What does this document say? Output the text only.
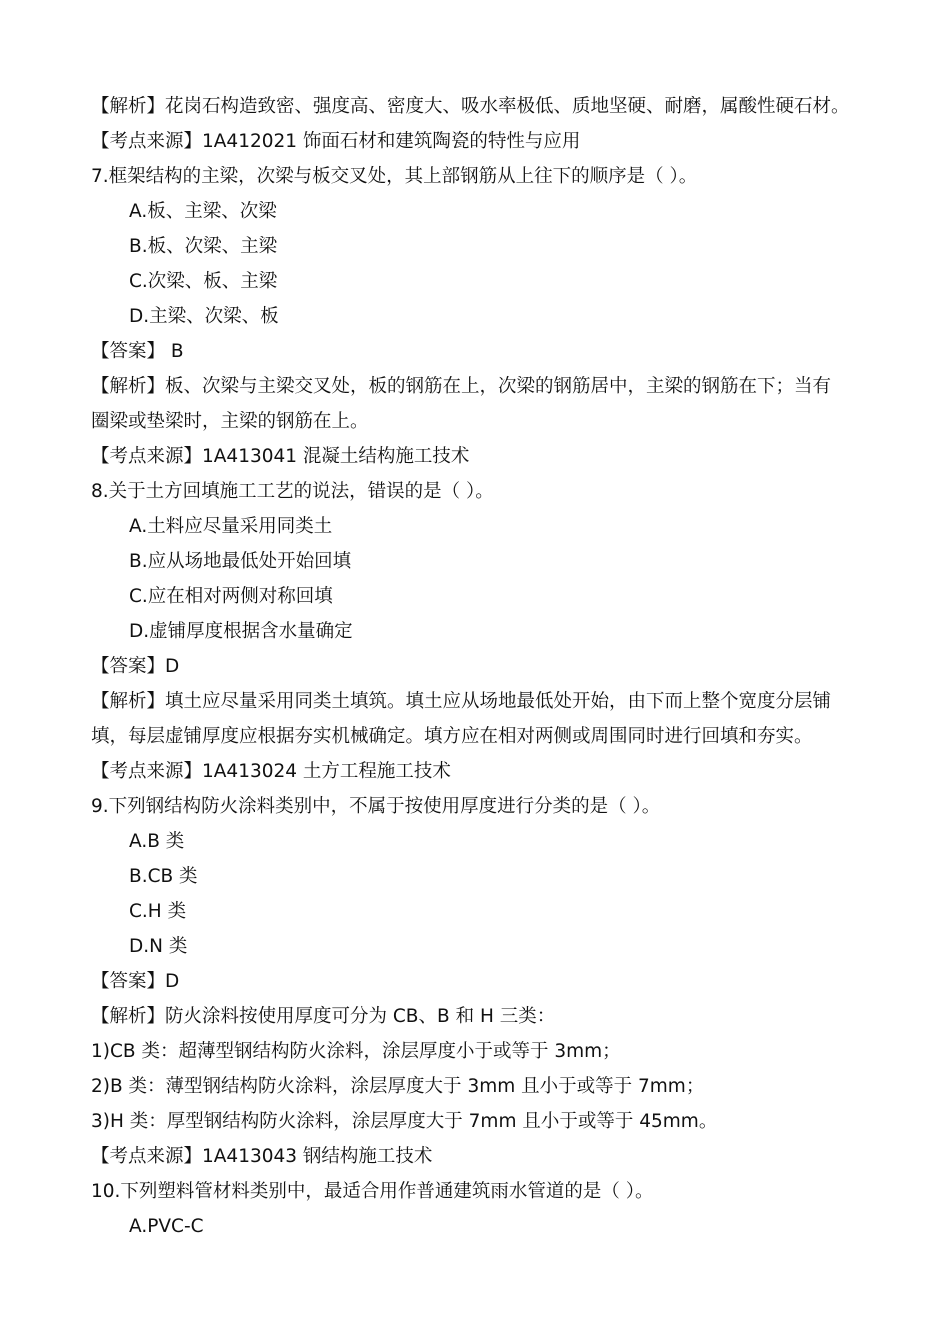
【解析】花岗石构造致密、强度高、密度大、吸水率极低、质地坚硬、耐磨，属酸性硬石材。
【考点来源】1A412021 饰面石材和建筑陶瓷的特性与应用
7.框架结构的主梁，次梁与板交叉处，其上部钢筋从上往下的顺序是（ ）。
A.板、主梁、次梁
B.板、次梁、主梁
C.次梁、板、主梁
D.主梁、次梁、板
【答案】 B
【解析】板、次梁与主梁交叉处，板的钢筋在上，次梁的钢筋居中，主梁的钢筋在下；当有
圈梁或垫梁时，主梁的钢筋在上。
【考点来源】1A413041 混凝土结构施工技术
8.关于土方回填施工工艺的说法，错误的是（ ）。
A.土料应尽量采用同类土
B.应从场地最低处开始回填
C.应在相对两侧对称回填
D.虚铺厚度根据含水量确定
【答案】D
【解析】填土应尽量采用同类土填筑。填土应从场地最低处开始，由下而上整个宽度分层铺
填，每层虚铺厚度应根据夯实机械确定。填方应在相对两侧或周围同时进行回填和夯实。
【考点来源】1A413024 土方工程施工技术
9.下列钢结构防火涂料类别中，不属于按使用厚度进行分类的是（ ）。
A.B 类
B.CB 类
C.H 类
D.N 类
【答案】D
【解析】防火涂料按使用厚度可分为 CB、B 和 H 三类：
1)CB 类：超薄型钢结构防火涂料，涂层厚度小于或等于 3mm；
2)B 类：薄型钢结构防火涂料，涂层厚度大于 3mm 且小于或等于 7mm；
3)H 类：厚型钢结构防火涂料，涂层厚度大于 7mm 且小于或等于 45mm。
【考点来源】1A413043 钢结构施工技术
10.下列塑料管材料类别中，最适合用作普通建筑雨水管道的是（ ）。
A.PVC-C
